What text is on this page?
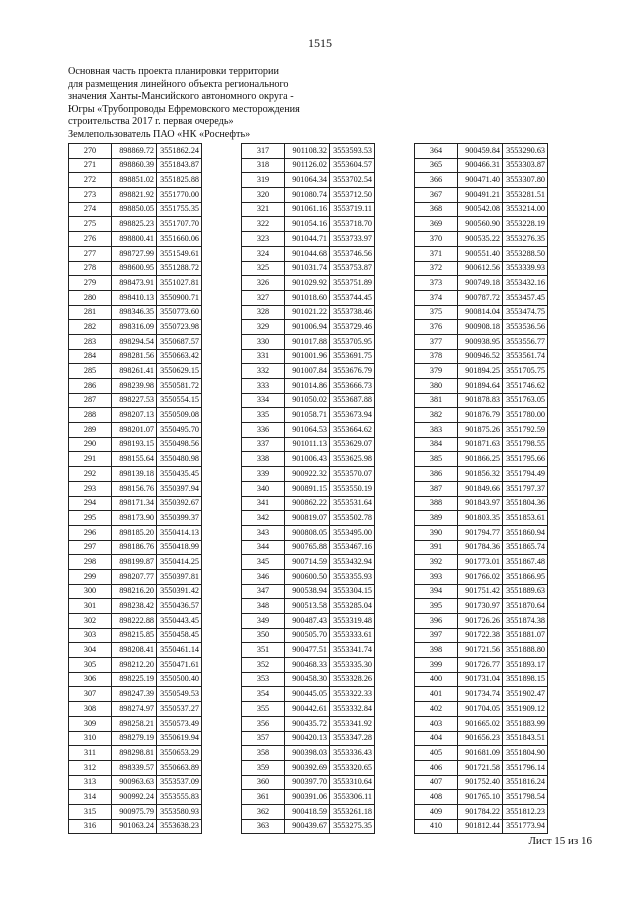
1515
Основная часть проекта планировки территории
для размещения линейного объекта регионального
значения Ханты-Мансийского автономного округа -
Югры «Трубопроводы Ефремовского месторождения
строительства 2017 г. первая очередь»
Землепользователь ПАО «НК «Роснефть»
270	898869.72	3551862.24
271	898860.39	3551843.87
272	898851.02	3551825.88
273	898821.92	3551770.00
274	898850.05	3551755.35
275	898825.23	3551707.70
276	898800.41	3551660.06
277	898727.99	3551549.61
278	898600.95	3551288.72
279	898473.91	3551027.81
280	898410.13	3550900.71
281	898346.35	3550773.60
282	898316.09	3550723.98
283	898294.54	3550687.57
284	898281.56	3550663.42
285	898261.41	3550629.15
286	898239.98	3550581.72
287	898227.53	3550554.15
288	898207.13	3550509.08
289	898201.07	3550495.70
290	898193.15	3550498.56
291	898155.64	3550480.98
292	898139.18	3550435.45
293	898156.76	3550397.94
294	898171.34	3550392.67
295	898173.90	3550399.37
296	898185.20	3550414.13
297	898186.76	3550418.99
298	898199.87	3550414.25
299	898207.77	3550397.81
300	898216.20	3550391.42
301	898238.42	3550436.57
302	898222.88	3550443.45
303	898215.85	3550458.45
304	898208.41	3550461.14
305	898212.20	3550471.61
306	898225.19	3550500.40
307	898247.39	3550549.53
308	898274.97	3550537.27
309	898258.21	3550573.49
310	898279.19	3550619.94
311	898298.81	3550653.29
312	898339.57	3550663.89
313	900963.63	3553537.09
314	900992.24	3553555.83
315	900975.79	3553580.93
316	901063.24	3553638.23
317	901108.32	3553593.53
318	901126.02	3553604.57
319	901064.34	3553702.54
320	901080.74	3553712.50
321	901061.16	3553719.11
322	901054.16	3553718.70
323	901044.71	3553733.97
324	901044.68	3553746.56
325	901031.74	3553753.87
326	901029.92	3553751.89
327	901018.60	3553744.45
328	901021.22	3553738.46
329	901006.94	3553729.46
330	901017.88	3553705.95
331	901001.96	3553691.75
332	901007.84	3553676.79
333	901014.86	3553666.73
334	901050.02	3553687.88
335	901058.71	3553673.94
336	901064.53	3553664.62
337	901011.13	3553629.07
338	901006.43	3553625.98
339	900922.32	3553570.07
340	900891.15	3553550.19
341	900862.22	3553531.64
342	900819.07	3553502.78
343	900808.05	3553495.00
344	900765.88	3553467.16
345	900714.59	3553432.94
346	900600.50	3553355.93
347	900538.94	3553304.15
348	900513.58	3553285.04
349	900487.43	3553319.48
350	900505.70	3553333.61
351	900477.51	3553341.74
352	900468.33	3553335.30
353	900458.30	3553328.26
354	900445.05	3553322.33
355	900442.61	3553332.84
356	900435.72	3553341.92
357	900420.13	3553347.28
358	900398.03	3553336.43
359	900392.69	3553320.65
360	900397.70	3553310.64
361	900391.06	3553306.11
362	900418.59	3553261.18
363	900439.67	3553275.35
364	900459.84	3553290.63
365	900466.31	3553303.87
366	900471.40	3553307.80
367	900491.21	3553281.51
368	900542.08	3553214.00
369	900560.90	3553228.19
370	900535.22	3553276.35
371	900551.40	3553288.50
372	900612.56	3553339.93
373	900749.18	3553432.16
374	900787.72	3553457.45
375	900814.04	3553474.75
376	900908.18	3553536.56
377	900938.95	3553556.77
378	900946.52	3553561.74
379	901894.25	3551705.75
380	901894.64	3551746.62
381	901878.83	3551763.05
382	901876.79	3551780.00
383	901875.26	3551792.59
384	901871.63	3551798.55
385	901866.25	3551795.66
386	901856.32	3551794.49
387	901849.66	3551797.37
388	901843.97	3551804.36
389	901803.35	3551853.61
390	901794.77	3551860.94
391	901784.36	3551865.74
392	901773.01	3551867.48
393	901766.02	3551866.95
394	901751.42	3551889.63
395	901730.97	3551870.64
396	901726.26	3551874.38
397	901722.38	3551881.07
398	901721.56	3551888.80
399	901726.77	3551893.17
400	901731.04	3551898.15
401	901734.74	3551902.47
402	901704.05	3551909.12
403	901665.02	3551883.99
404	901656.23	3551843.51
405	901681.09	3551804.90
406	901721.58	3551796.14
407	901752.40	3551816.24
408	901765.10	3551798.54
409	901784.22	3551812.23
410	901812.44	3551773.94
Лист 15 из 16
